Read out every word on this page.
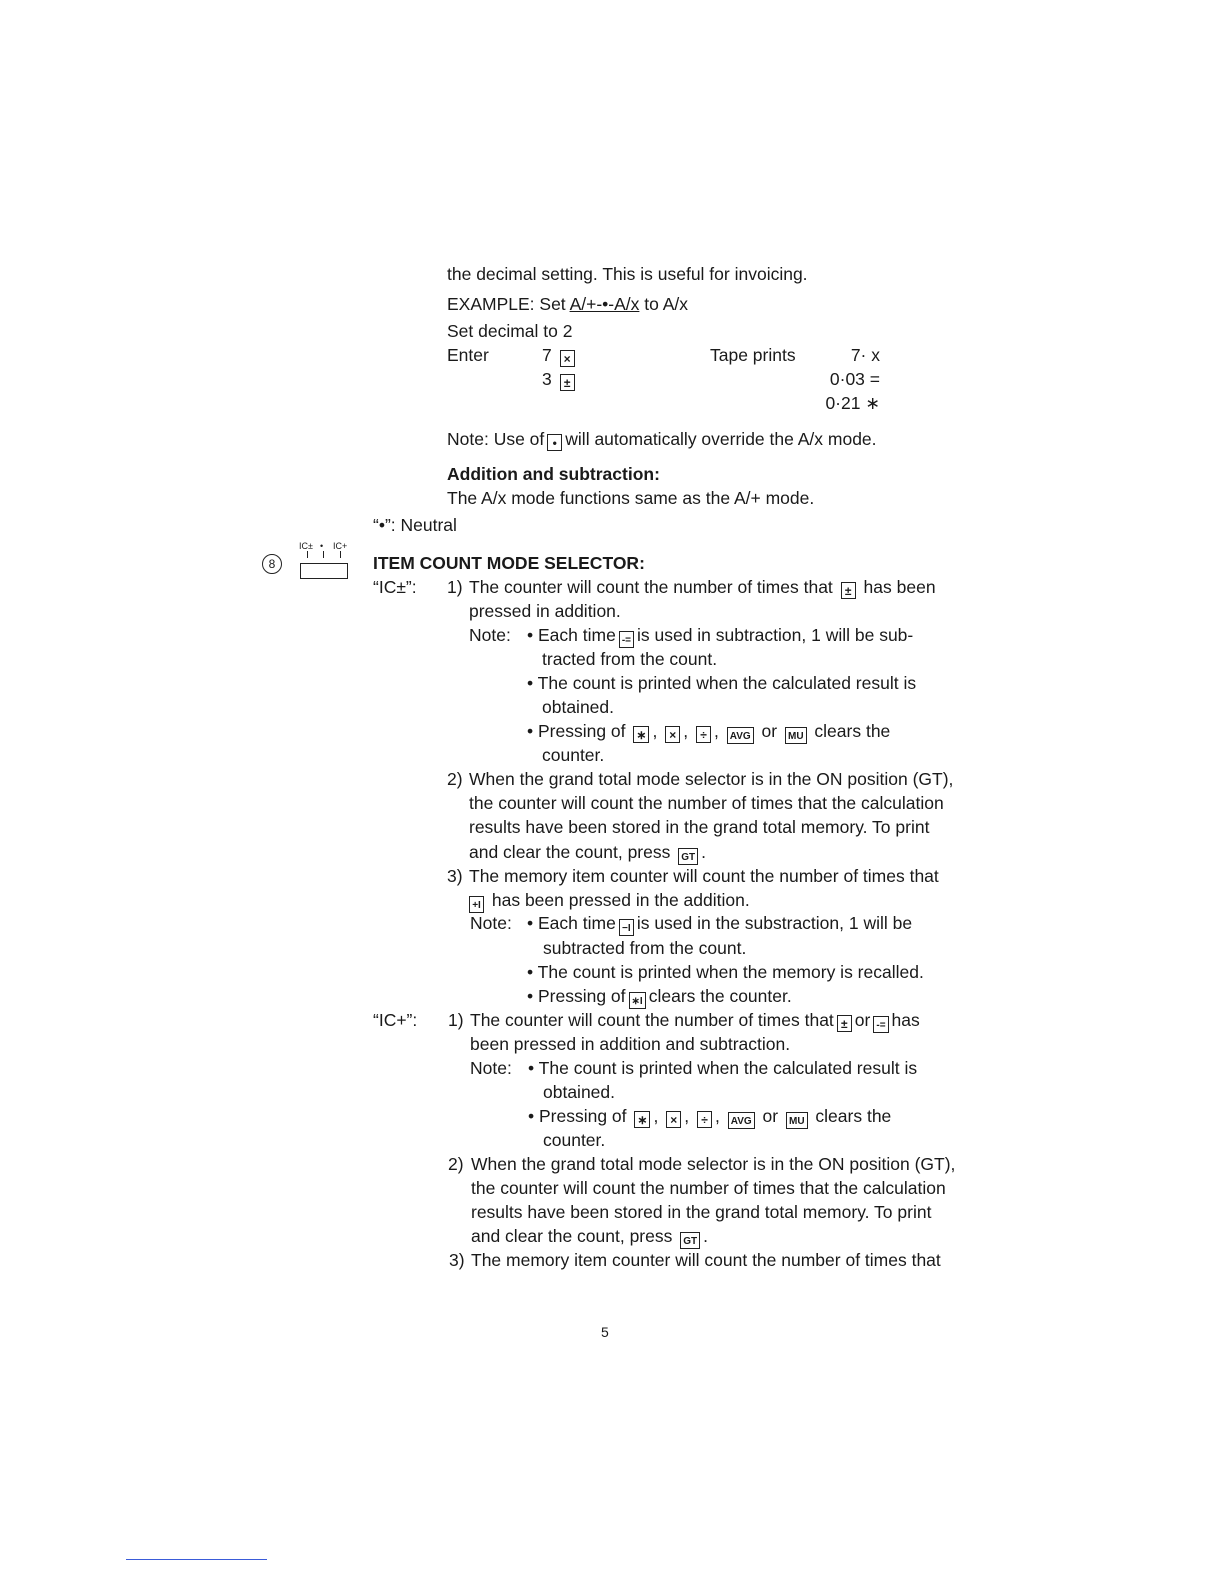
the decimal setting. This is useful for invoicing.
EXAMPLE: Set A/+-•-A/x to A/x
Set decimal to 2
Enter	7 ×
3 ±
Tape prints	7· x
0·03 =
0·21 ∗
Note: Use of • will automatically override the A/x mode.
Addition and subtraction:
The A/x mode functions same as the A/+ mode.
“•”: Neutral
8
IC± • IC+
ITEM COUNT MODE SELECTOR:
“IC±”: 1) The counter will count the number of times that ± has been
pressed in addition.
Note: • Each time -= is used in subtraction, 1 will be sub-
tracted from the count.
• The count is printed when the calculated result is
obtained.
• Pressing of ∗ , × , ÷ , AVG or MU clears the
counter.
2) When the grand total mode selector is in the ON position (GT),
the counter will count the number of times that the calculation
results have been stored in the grand total memory. To print
and clear the count, press GT .
3) The memory item counter will count the number of times that
+I has been pressed in the addition.
Note: • Each time −I is used in the substraction, 1 will be
subtracted from the count.
• The count is printed when the memory is recalled.
• Pressing of ∗I clears the counter.
“IC+”: 1) The counter will count the number of times that ± or -= has
been pressed in addition and subtraction.
Note: • The count is printed when the calculated result is
obtained.
• Pressing of ∗ , × , ÷ , AVG or MU clears the
counter.
2) When the grand total mode selector is in the ON position (GT),
the counter will count the number of times that the calculation
results have been stored in the grand total memory. To print
and clear the count, press GT .
3) The memory item counter will count the number of times that
5
